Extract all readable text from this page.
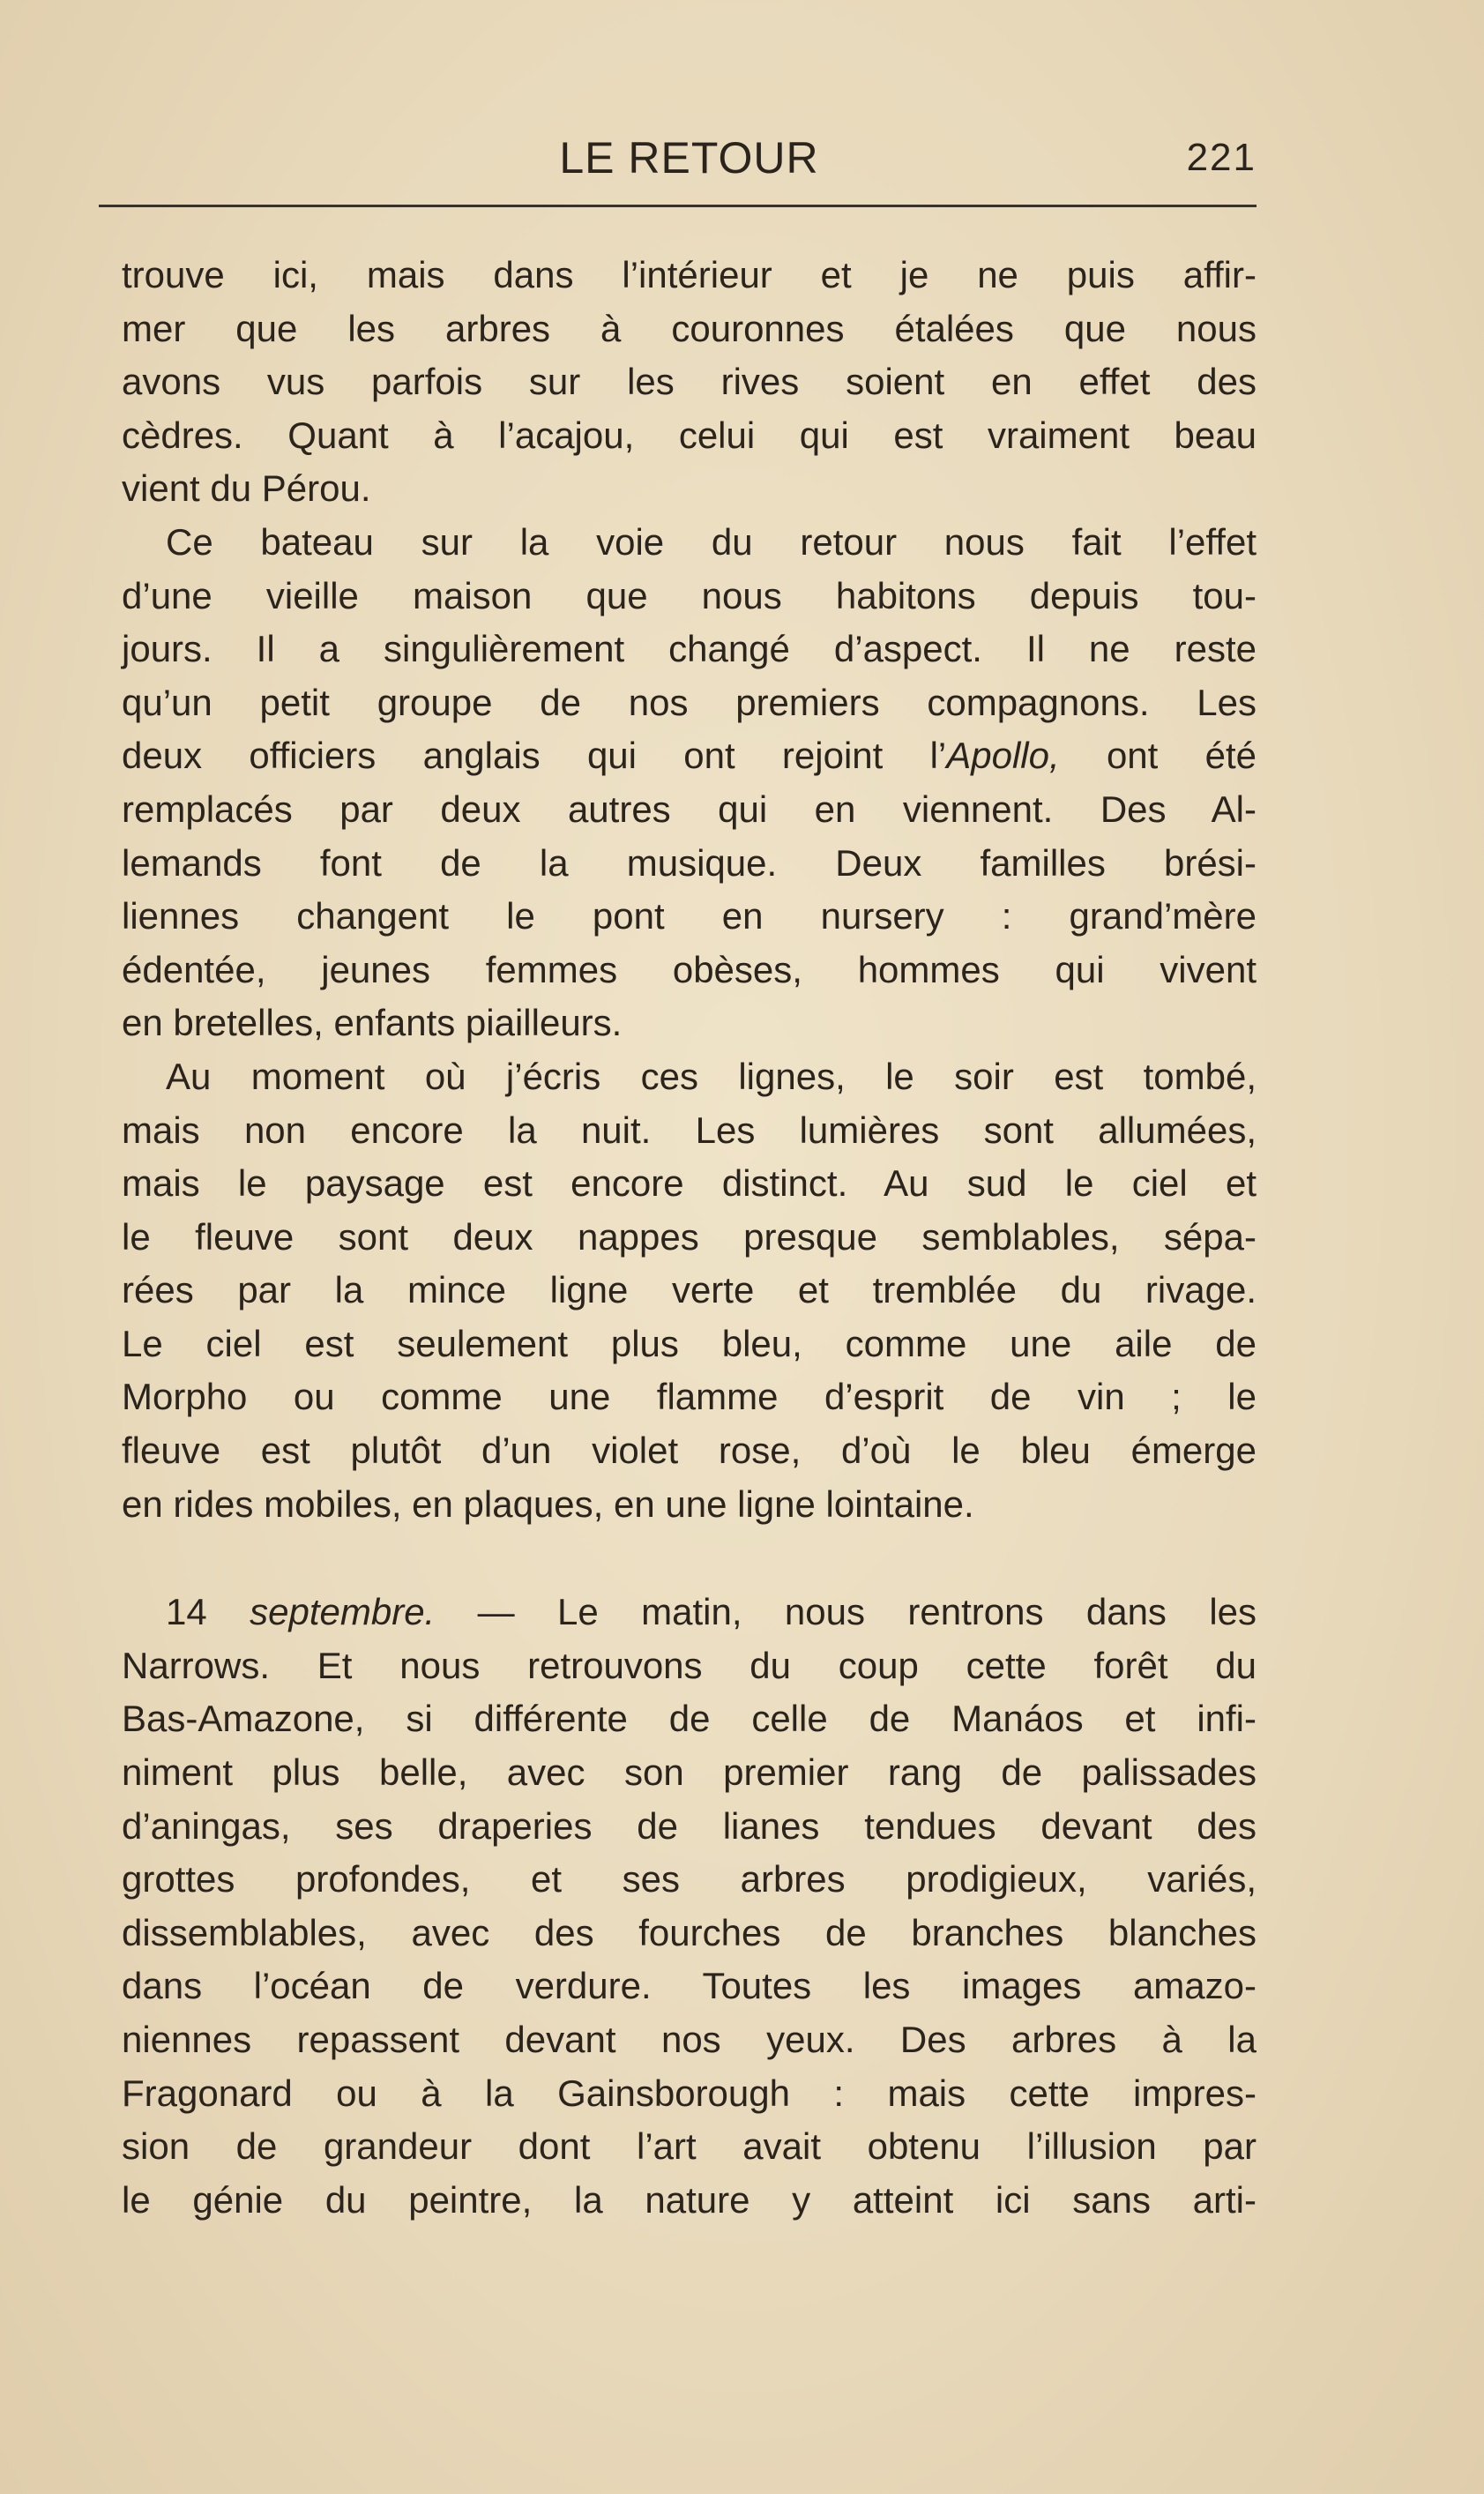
LE RETOUR	221
trouve ici, mais dans l’intérieur et je ne puis affir-
mer que les arbres à couronnes étalées que nous
avons vus parfois sur les rives soient en effet des
cèdres. Quant à l’acajou, celui qui est vraiment beau
vient du Pérou.
Ce bateau sur la voie du retour nous fait l’effet
d’une vieille maison que nous habitons depuis tou-
jours. Il a singulièrement changé d’aspect. Il ne reste
qu’un petit groupe de nos premiers compagnons. Les
deux officiers anglais qui ont rejoint l’Apollo, ont été
remplacés par deux autres qui en viennent. Des Al-
lemands font de la musique. Deux familles brési-
liennes changent le pont en nursery : grand’mère
édentée, jeunes femmes obèses, hommes qui vivent
en bretelles, enfants piailleurs.
Au moment où j’écris ces lignes, le soir est tombé,
mais non encore la nuit. Les lumières sont allumées,
mais le paysage est encore distinct. Au sud le ciel et
le fleuve sont deux nappes presque semblables, sépa-
rées par la mince ligne verte et tremblée du rivage.
Le ciel est seulement plus bleu, comme une aile de
Morpho ou comme une flamme d’esprit de vin ; le
fleuve est plutôt d’un violet rose, d’où le bleu émerge
en rides mobiles, en plaques, en une ligne lointaine.
14 septembre. — Le matin, nous rentrons dans les
Narrows. Et nous retrouvons du coup cette forêt du
Bas-Amazone, si différente de celle de Manáos et infi-
niment plus belle, avec son premier rang de palissades
d’aningas, ses draperies de lianes tendues devant des
grottes profondes, et ses arbres prodigieux, variés,
dissemblables, avec des fourches de branches blanches
dans l’océan de verdure. Toutes les images amazo-
niennes repassent devant nos yeux. Des arbres à la
Fragonard ou à la Gainsborough : mais cette impres-
sion de grandeur dont l’art avait obtenu l’illusion par
le génie du peintre, la nature y atteint ici sans arti-
